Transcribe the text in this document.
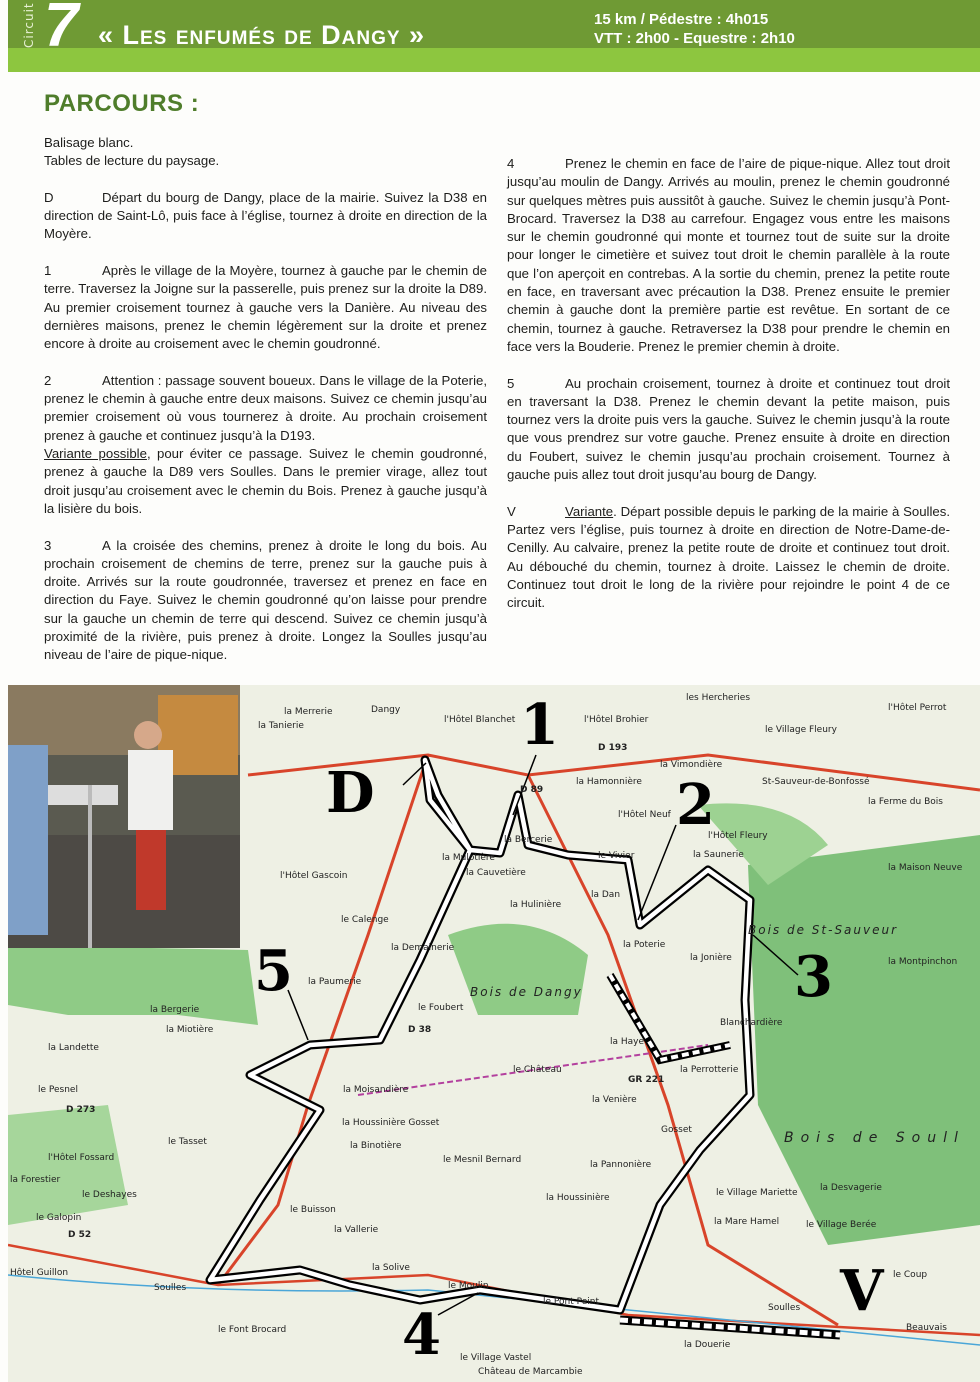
Circuit 7 « Les enfumés de Dangy »
15 km / Pédestre : 4h015
VTT : 2h00 - Equestre : 2h10
PARCOURS :

Balisage blanc.
Tables de lecture du paysage.

D	Départ du bourg de Dangy, place de la mairie. Suivez la D38 en direction de Saint-Lô, puis face à l’église, tournez à droite en direction de la Moyère.

1	Après le village de la Moyère, tournez à gauche par le chemin de terre. Traversez la Joigne sur la passerelle, puis prenez sur la droite la D89. Au premier croisement tournez à gauche vers la Danière. Au niveau des dernières maisons, prenez le chemin légèrement sur la droite et prenez encore à droite au croisement avec le chemin goudronné.

2	Attention : passage souvent boueux. Dans le village de la Poterie, prenez le chemin à gauche entre deux maisons. Suivez ce chemin jusqu’au premier croisement où vous tournerez à droite. Au prochain croisement prenez à gauche et continuez jusqu’à la D193.
Variante possible, pour éviter ce passage. Suivez le chemin goudronné, prenez à gauche la D89 vers Soulles. Dans le premier virage, allez tout droit jusqu’au croisement avec le chemin du Bois. Prenez à gauche jusqu’à la lisière du bois.

3	A la croisée des chemins, prenez à droite le long du bois. Au prochain croisement de chemins de terre, prenez sur la gauche puis à droite. Arrivés sur la route goudronnée, traversez et prenez en face en direction du Faye. Suivez le chemin goudronné qu’on laisse pour prendre sur la gauche un chemin de terre qui descend. Suivez ce chemin jusqu’à proximité de la rivière, puis prenez à droite. Longez la Soulles jusqu’au niveau de l’aire de pique-nique.

4	Prenez le chemin en face de l’aire de pique-nique. Allez tout droit jusqu’au moulin de Dangy. Arrivés au moulin, prenez le chemin goudronné sur quelques mètres puis aussitôt à gauche. Suivez le chemin jusqu’à Pont-Brocard. Traversez la D38 au carrefour. Engagez vous entre les maisons sur le chemin goudronné qui monte et tournez tout de suite sur la droite pour longer le cimetière et suivez tout droit le chemin parallèle à la route que l’on aperçoit en contrebas. A la sortie du chemin, prenez la petite route en face, en traversant avec précaution la D38. Prenez ensuite le premier chemin à gauche dont la première partie est revêtue. En sortant de ce chemin, tournez à gauche. Retraversez la D38 pour prendre le chemin en face vers la Bouderie. Prenez le premier chemin à droite.

5	Au prochain croisement, tournez à droite et continuez tout droit en traversant la D38. Prenez le chemin devant la petite maison, puis tournez vers la droite puis vers la gauche. Suivez le chemin jusqu’à la route que vous prendrez sur votre gauche. Prenez ensuite à droite en direction du Foubert, suivez le chemin jusqu’au prochain croisement. Tournez à gauche puis allez tout droit jusqu’au bourg de Dangy.

V	Variante. Départ possible depuis le parking de la mairie à Soulles. Partez vers l’église, puis tournez à droite en direction de Notre-Dame-de-Cenilly. Au calvaire, prenez la petite route de droite et continuez tout droit. Au débouché du chemin, tournez à droite. Laissez le chemin de droite. Continuez tout droit le long de la rivière pour rejoindre le point 4 de ce circuit.

D
1
2
3
4
5
V
Bois de Dangy
Bois de St-Sauveur
Bois de Soull
Dangy
la Merrerie
la Tanierie
la Bergerie
la Miotière
la Landette
le Pesnel
le Tasset
l'Hôtel Fossard
la Forestier
le Deshayes
le Galopin
Hôtel Guillon
Soulles
le Font Brocard
le Buisson
la Solive
le Moulin
le Village Vastel
Château de Marcambie
le Pont Peint
la Douerie
Soulles
Beauvais
le Coup
la Mare Hamel
le Village Mariette la Desvagerie
Gosset
la Perrotterie
la Venière
le Château
la Haye
la Poterie
la Jonière
Blanchardière
le Calenge
la Demainerie
la Paumerie
le Foubert
la Moisandière
la Houssinière Gosset
la Binotière
le Mesnil Bernard	la Pannonière
la Houssinière
la Vallerie
la Mulotière
la Cauvetière
la Bercerie
la Hulinière
la Dan
le Vivier
l'Hôtel Neuf
l'Hôtel Fleury
la Saunerie
la Vimondière
la Hamonnière
les Hercheries
le Village Fleury
St-Sauveur-de-Bonfossé
la Ferme du Bois
la Maison Neuve
la Montpinchon
l'Hôtel Perrot
l'Hôtel Gascoin
l'Hôtel Blanchet	l'Hôtel Brohier
le Village Berée
D 193
D 38
D 89
D 52
D 273
GR 221
